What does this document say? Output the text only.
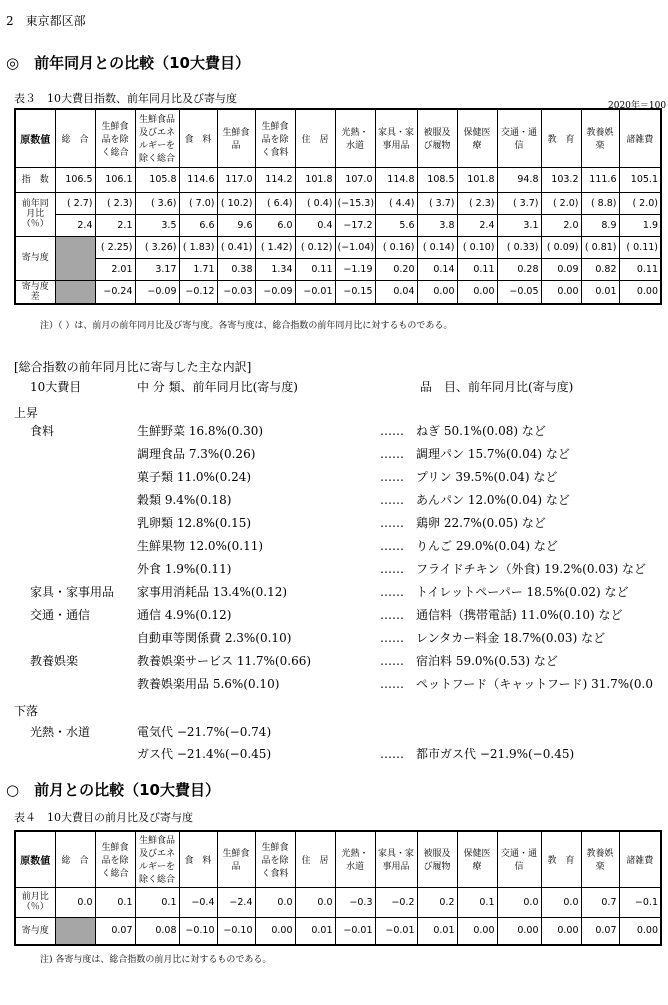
2　東京都区部
◎　前年同月との比較（10大費目）
表３　10大費目指数、前年同月比及び寄与度
2020年＝100
原数値	総　合	生鮮食品を除く総合	生鮮食品及びエネルギーを除く総合	食　料	生鮮食品	生鮮食品を除く食料	住　居	光熱・水道	家具・家事用品	被服及び履物	保健医療	交通・通信	教　育	教養娯楽	諸雑費
指　数	106.5	106.1	105.8	114.6	117.0	114.2	101.8	107.0	114.8	108.5	101.8	94.8	103.2	111.6	105.1
前年同月比（％）	( 2.7)	( 2.3)	( 3.6)	( 7.0)	( 10.2)	( 6.4)	( 0.4)	(−15.3)	( 4.4)	( 3.7)	( 2.3)	( 3.7)	( 2.0)	( 8.8)	( 2.0)
	2.4	2.1	3.5	6.6	9.6	6.0	0.4	−17.2	5.6	3.8	2.4	3.1	2.0	8.9	1.9
寄与度		( 2.25)	( 3.26)	( 1.83)	( 0.41)	( 1.42)	( 0.12)	(−1.04)	( 0.16)	( 0.14)	( 0.10)	( 0.33)	( 0.09)	( 0.81)	( 0.11)
		2.01	3.17	1.71	0.38	1.34	0.11	−1.19	0.20	0.14	0.11	0.28	0.09	0.82	0.11
寄与度差		−0.24	−0.09	−0.12	−0.03	−0.09	−0.01	−0.15	0.04	0.00	0.00	−0.05	0.00	0.01	0.00
注）（ ）は、前月の前年同月比及び寄与度。各寄与度は、総合指数の前年同月比に対するものである。
[総合指数の前年同月比に寄与した主な内訳]
10大費目	中 分 類、前年同月比(寄与度)	品　目、前年同月比(寄与度)
上昇
食料	生鮮野菜 16.8%(0.30)	‥‥‥　ねぎ 50.1%(0.08) など
調理食品 7.3%(0.26)	‥‥‥　調理パン 15.7%(0.04) など
菓子類 11.0%(0.24)	‥‥‥　プリン 39.5%(0.04) など
穀類 9.4%(0.18)	‥‥‥　あんパン 12.0%(0.04) など
乳卵類 12.8%(0.15)	‥‥‥　鶏卵 22.7%(0.05) など
生鮮果物 12.0%(0.11)	‥‥‥　りんご 29.0%(0.04) など
外食 1.9%(0.11)	‥‥‥　フライドチキン（外食) 19.2%(0.03) など
家具・家事用品 家事用消耗品 13.4%(0.12)	‥‥‥　トイレットペーパー 18.5%(0.02) など
交通・通信	通信 4.9%(0.12)	‥‥‥　通信料（携帯電話) 11.0%(0.10) など
自動車等関係費 2.3%(0.10)	‥‥‥　レンタカー料金 18.7%(0.03) など
教養娯楽	教養娯楽サービス 11.7%(0.66)	‥‥‥　宿泊料 59.0%(0.53) など
教養娯楽用品 5.6%(0.10)	‥‥‥　ペットフード（キャットフード) 31.7%(0.0
下落
光熱・水道	電気代 −21.7%(−0.74)
ガス代 −21.4%(−0.45)	‥‥‥　都市ガス代 −21.9%(−0.45)
○　前月との比較（10大費目）
表４　10大費目の前月比及び寄与度
原数値	総　合	生鮮食品を除く総合	生鮮食品及びエネルギーを除く総合	食　料	生鮮食品	生鮮食品を除く食料	住　居	光熱・水道	家具・家事用品	被服及び履物	保健医療	交通・通信	教　育	教養娯楽	諸雑費
前月比（％）	0.0	0.1	0.1	−0.4	−2.4	0.0	0.0	−0.3	−0.2	0.2	0.1	0.0	0.0	0.7	−0.1
寄与度		0.07	0.08	−0.10	−0.10	0.00	0.01	−0.01	−0.01	0.01	0.00	0.00	0.00	0.07	0.00
注) 各寄与度は、総合指数の前月比に対するものである。
